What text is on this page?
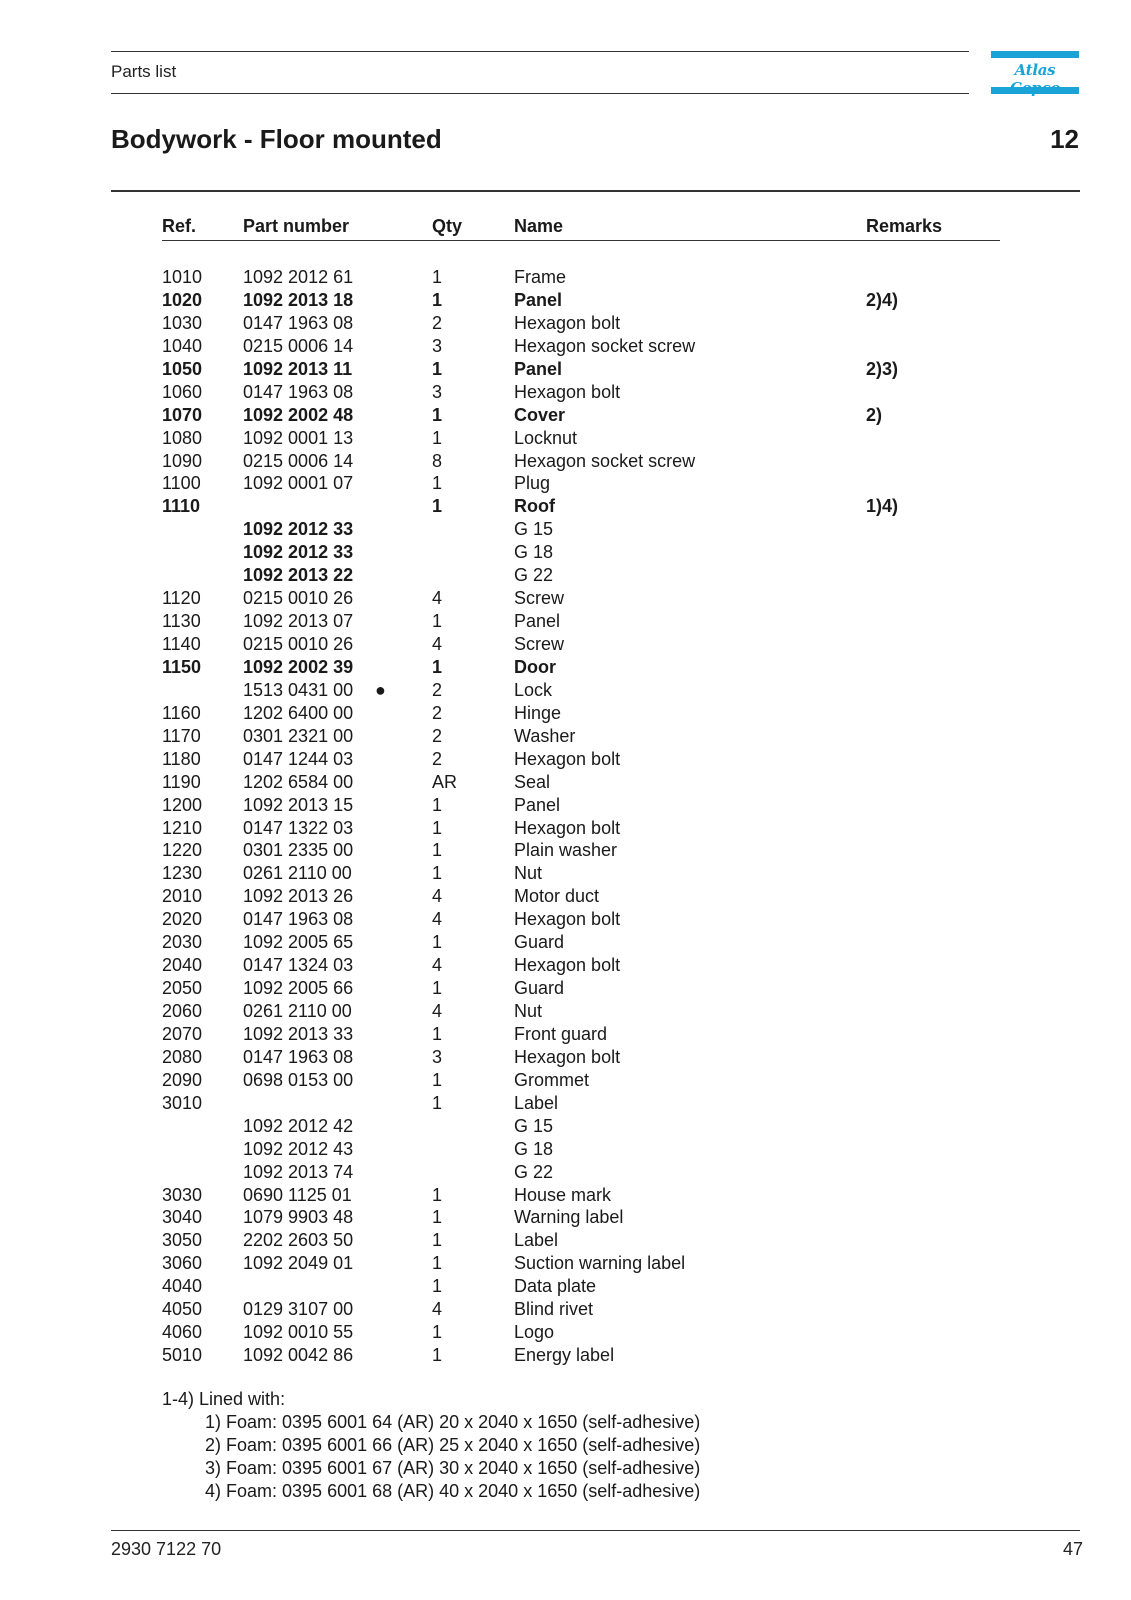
Parts list	Atlas
Bodywork - Floor mounted	12
Ref.	Part number	Qty	Name	Remarks
1010 1092 2012 61	1	Frame
1020 1092 2013 18	1	Panel	2)4)
1030 0147 1963 08	2	Hexagon bolt
1040 0215 0006 14	3	Hexagon socket screw
1050 1092 2013 11	1	Panel	2)3)
1060 0147 1963 08	3	Hexagon bolt
1070 1092 2002 48	1	Cover	2)
1080 1092 0001 13	1	Locknut
1090 0215 0006 14	8	Hexagon socket screw
1100 1092 0001 07	1	Plug
1110	1	Roof	1)4)
1092 2012 33	G 15
1092 2012 33	G 18
1092 2013 22	G 22
1120 0215 0010 26	4	Screw
1130 1092 2013 07	1	Panel
1140 0215 0010 26	4	Screw
1150 1092 2002 39	1	Door
1513 0431 00 ●	2	Lock
1160 1202 6400 00	2	Hinge
1170 0301 2321 00	2	Washer
1180 0147 1244 03	2	Hexagon bolt
1190 1202 6584 00	AR	Seal
1200 1092 2013 15	1	Panel
1210 0147 1322 03	1	Hexagon bolt
1220 0301 2335 00	1	Plain washer
1230 0261 2110 00	1	Nut
2010 1092 2013 26	4	Motor duct
2020 0147 1963 08	4	Hexagon bolt
2030 1092 2005 65	1	Guard
2040 0147 1324 03	4	Hexagon bolt
2050 1092 2005 66	1	Guard
2060 0261 2110 00	4	Nut
2070 1092 2013 33	1	Front guard
2080 0147 1963 08	3	Hexagon bolt
2090 0698 0153 00	1	Grommet
3010	1	Label
1092 2012 42	G 15
1092 2012 43	G 18
1092 2013 74	G 22
3030 0690 1125 01	1	House mark
3040 1079 9903 48	1	Warning label
3050 2202 2603 50	1	Label
3060 1092 2049 01	1	Suction warning label
4040	1	Data plate
4050 0129 3107 00	4	Blind rivet
4060 1092 0010 55	1	Logo
5010 1092 0042 86	1	Energy label
1-4) Lined with:
1) Foam: 0395 6001 64 (AR) 20 x 2040 x 1650 (self-adhesive)
2) Foam: 0395 6001 66 (AR) 25 x 2040 x 1650 (self-adhesive)
3) Foam: 0395 6001 67 (AR) 30 x 2040 x 1650 (self-adhesive)
4) Foam: 0395 6001 68 (AR) 40 x 2040 x 1650 (self-adhesive)
2930 7122 70	47
